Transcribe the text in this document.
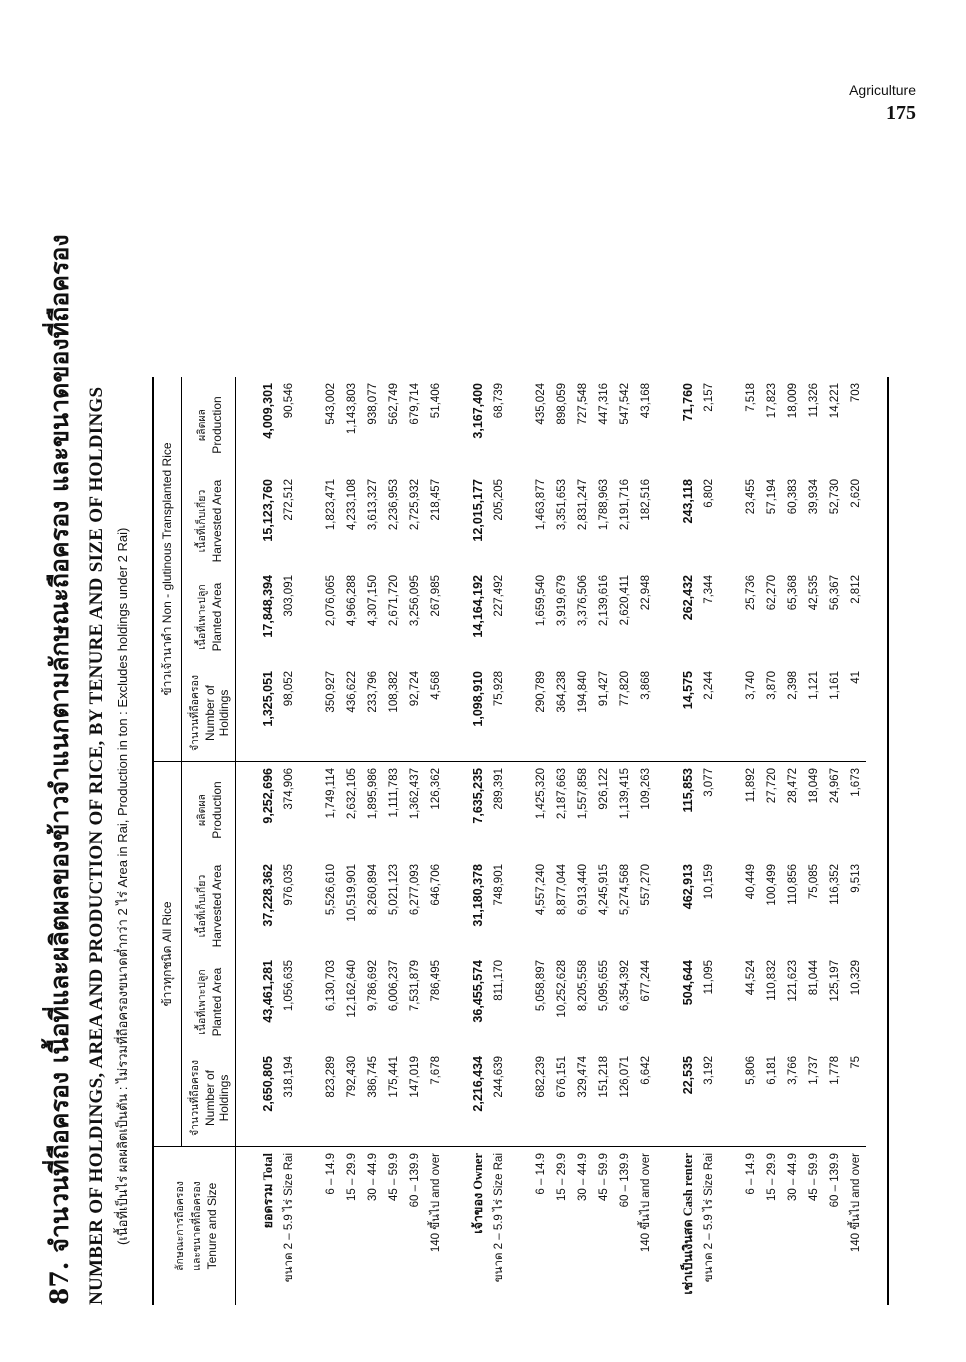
Agriculture
175
87. จำนวนที่ถือครอง เนื้อที่และผลิตผลของข้าวจำแนกตามลักษณะถือครอง และขนาดของที่ถือครอง NUMBER OF HOLDINGS, AREA AND PRODUCTION OF RICE, BY TENURE AND SIZE OF HOLDINGS (เนื้อที่เป็นไร่ ผลผลิตเป็นตัน : ไม่รวมที่ถือครองขนาดต่ำกว่า 2 ไร่ Area in Rai, Production in ton : Excludes holdings under 2 Rai)	ลักษณะการถือครอง และขนาดที่ถือครอง Tenure and Size	ข้าวทุกชนิด All Rice				ข้าวเจ้านาดำ Non - glutinous Transplanted Rice			

	จำนวนที่ถือครอง Number of Holdings	เนื้อที่เพาะปลูก Planted Area	เนื้อที่เก็บเกี่ยว Harvested Area	ผลิตผล Production	จำนวนที่ถือครอง Number of Holdings	เนื้อที่เพาะปลูก Planted Area	เนื้อที่เก็บเกี่ยว Harvested Area	ผลิตผล Production

ยอดรวม Total	2,650,805	43,461,281	37,228,362	9,252,696	1,325,051	17,848,394	15,123,760	4,009,301
ขนาด 2 – 5.9 ไร่ Size Rai	318,194	1,056,635	976,035	374,906	98,052	303,091	272,512	90,546

6 – 14.9	823,289	6,130,703	5,526,610	1,749,114	350,927	2,076,065	1,823,471	543,002
15 – 29.9	792,430	12,162,640	10,519,901	2,632,105	436,622	4,966,288	4,233,108	1,143,803
30 – 44.9	386,745	9,786,692	8,260,894	1,895,986	233,796	4,307,150	3,613,327	938,077
45 – 59.9	175,441	6,006,237	5,021,123	1,111,783	108,382	2,671,720	2,236,953	562,749
60 – 139.9	147,019	7,531,879	6,277,093	1,362,437	92,724	3,256,095	2,725,932	679,714
140 ขึ้นไป and over	7,678	786,495	646,706	126,362	4,568	267,985	218,457	51,406

เจ้าของ Owner	2,216,434	36,455,574	31,180,378	7,635,235	1,098,910	14,164,192	12,015,177	3,167,400
ขนาด 2 – 5.9 ไร่ Size Rai	244,639	811,170	748,901	289,391	75,928	227,492	205,205	68,739

6 – 14.9	682,239	5,058,897	4,557,240	1,425,320	290,789	1,659,540	1,463,877	435,024
15 – 29.9	676,151	10,252,628	8,877,044	2,187,663	364,238	3,919,679	3,351,653	898,059
30 – 44.9	329,474	8,205,558	6,913,440	1,557,858	194,840	3,376,506	2,831,247	727,548
45 – 59.9	151,218	5,095,655	4,245,915	926,122	91,427	2,139,616	1,788,963	447,316
60 – 139.9	126,071	6,354,392	5,274,568	1,139,415	77,820	2,620,411	2,191,716	547,542
140 ขึ้นไป and over	6,642	677,244	557,270	109,263	3,868	22,948	182,516	43,168

เช่าเป็นเงินสด Cash renter	22,535	504,644	462,913	115,853	14,575	262,432	243,118	71,760
ขนาด 2 – 5.9 ไร่ Size Rai	3,192	11,095	10,159	3,077	2,244	7,344	6,802	2,157

6 – 14.9	5,806	44,524	40,449	11,892	3,740	25,736	23,455	7,518
15 – 29.9	6,181	110,832	100,499	27,720	3,870	62,270	57,194	17,823
30 – 44.9	3,766	121,623	110,856	28,472	2,398	65,368	60,383	18,009
45 – 59.9	1,737	81,044	75,085	18,049	1,121	42,535	39,934	11,326
60 – 139.9	1,778	125,197	116,352	24,967	1,161	56,367	52,730	14,221
140 ขึ้นไป and over	75	10,329	9,513	1,673	41	2,812	2,620	703
